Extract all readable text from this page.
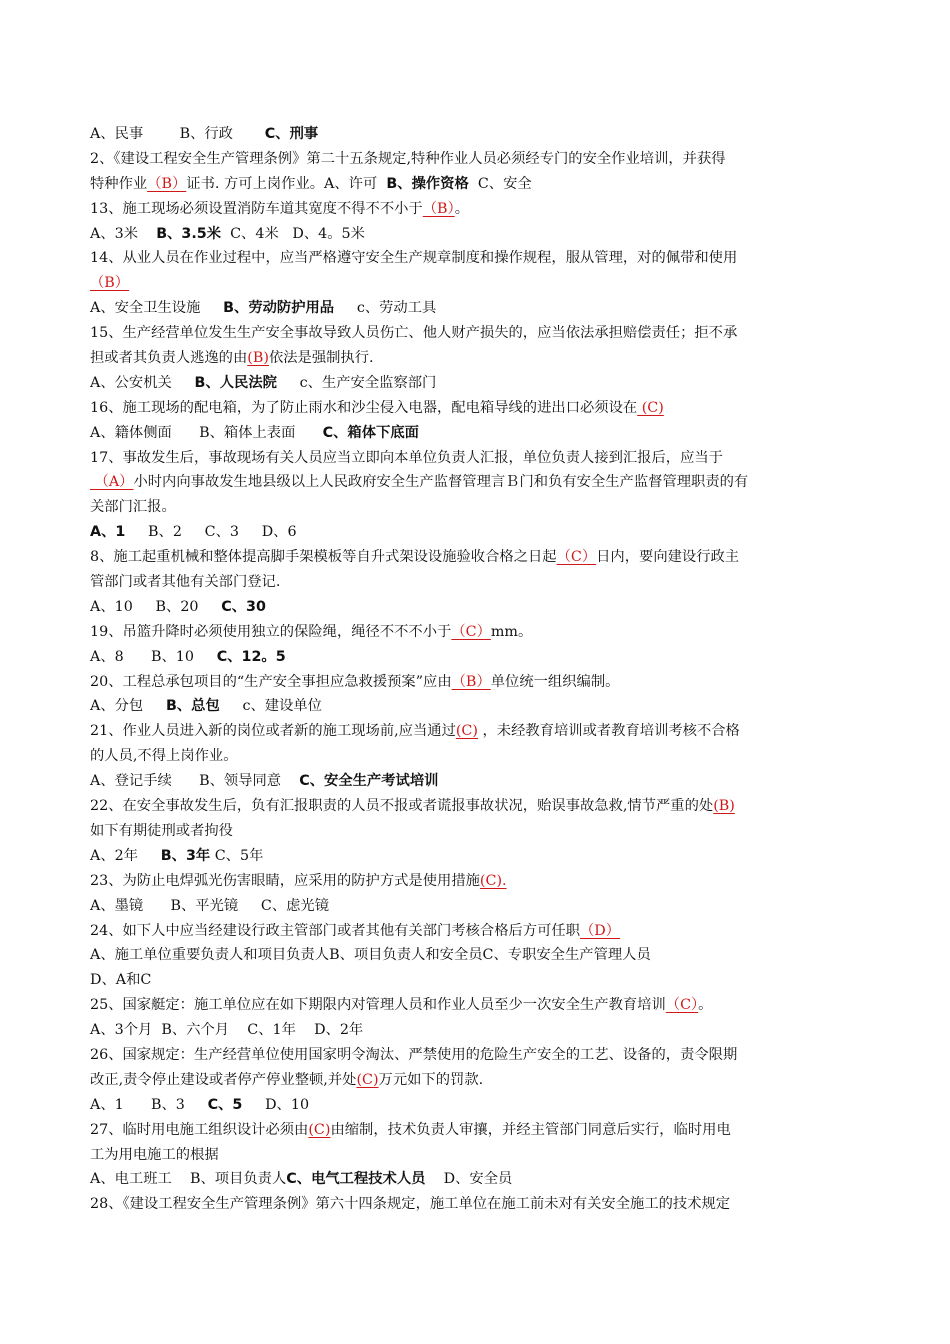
A、民事        B、行政       C、刑事
2、《建设工程安全生产管理条例》第二十五条规定,特种作业人员必须经专门的安全作业培训，并获得
特种作业（B）证书. 方可上岗作业。A、许可  B、操作资格  C、安全
13、施工现场必须设置消防车道其宽度不得不不小于（B）。
A、3米    B、3.5米  C、4米   D、4。5米
14、从业人员在作业过程中，应当严格遵守安全生产规章制度和操作规程，服从管理，对的佩带和使用
（B）
A、安全卫生设施     B、劳动防护用品     c、劳动工具
15、生产经营单位发生生产安全事故导致人员伤亡、他人财产损失的，应当依法承担赔偿责任；拒不承
担或者其负责人逃逸的由(B)依法是强制执行.
A、公安机关     B、人民法院     c、生产安全监察部门
16、施工现场的配电箱，为了防止雨水和沙尘侵入电器，配电箱导线的进出口必须设在 (C)
A、籍体侧面      B、箱体上表面      C、箱体下底面
17、事故发生后，事故现场有关人员应当立即向本单位负责人汇报，单位负责人接到汇报后，应当于
（A）小时内向事故发生地县级以上人民政府安全生产监督管理言Ｂ门和负有安全生产监督管理职责的有
关部门汇报。
A、1     B、2     C、3     D、6
8、施工起重机械和整体提高脚手架模板等自升式架设设施验收合格之日起（C）日内，要向建设行政主
管部门或者其他有关部门登记.
A、10     B、20     C、30
19、吊篮升降时必须使用独立的保险绳，绳径不不不小于（C）mm。
A、8      B、10     C、12。5
20、工程总承包项目的“生产安全事担应急救援预案”应由（B）单位统一组织编制。
A、分包     B、总包     c、建设单位
21、作业人员进入新的岗位或者新的施工现场前,应当通过(C) ，未经教育培训或者教育培训考核不合格
的人员,不得上岗作业。
A、登记手续      B、领导同意    C、安全生产考试培训
22、在安全事故发生后，负有汇报职责的人员不报或者谎报事故状况，贻误事故急救,情节严重的处(B)
如下有期徒刑或者拘役
A、2年     B、3年 C、5年
23、为防止电焊弧光伤害眼睛，应采用的防护方式是使用措施(C).
A、墨镜      B、平光镜     C、虑光镜
24、如下人中应当经建设行政主管部门或者其他有关部门考核合格后方可任职（D）
A、施工单位重要负责人和项目负责人B、项目负责人和安全员C、专职安全生产管理人员
D、A和C
25、国家艇定：施工单位应在如下期限内对管理人员和作业人员至少一次安全生产教育培训（C）。
A、3个月  B、六个月    C、1年    D、2年
26、国家规定：生产经营单位使用国家明令淘汰、严禁使用的危险生产安全的工艺、设备的，责令限期
改正,责令停止建设或者停产停业整顿,并处(C)万元如下的罚款.
A、1      B、3     C、5     D、10
27、临时用电施工组织设计必须由(C)由缩制，技术负责人审攘，并经主管部门同意后实行，临时用电
工为用电施工的根据
A、电工班工    B、项目负责人C、电气工程技术人员    D、安全员
28、《建设工程安全生产管理条例》第六十四条规定，施工单位在施工前未对有关安全施工的技术规定
